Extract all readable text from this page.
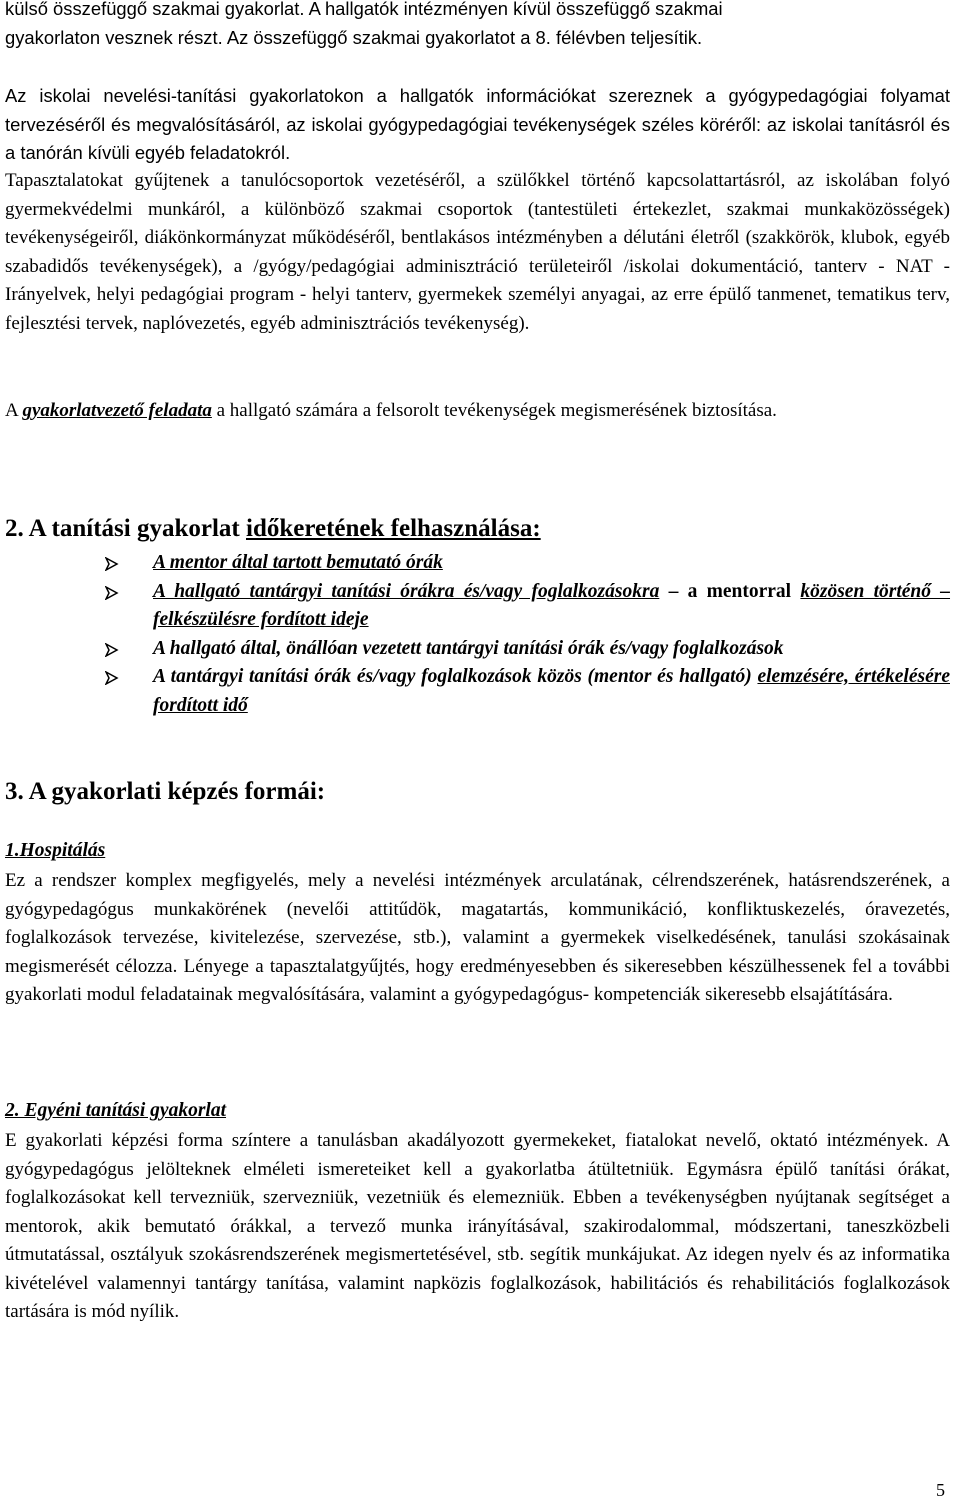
külső összefüggő szakmai gyakorlat. A hallgatók intézményen kívül összefüggő szakmai
gyakorlaton vesznek részt. Az összefüggő szakmai gyakorlatot a 8. félévben teljesítik.

Az iskolai nevelési-tanítási gyakorlatokon a hallgatók információkat szereznek a gyógypedagógiai folyamat tervezéséről és megvalósításáról, az iskolai gyógypedagógiai tevékenységek széles köréről: az iskolai tanításról és a tanórán kívüli egyéb feladatokról.

Tapasztalatokat gyűjtenek a tanulócsoportok vezetéséről, a szülőkkel történő kapcsolattartásról, az iskolában folyó gyermekvédelmi munkáról, a különböző szakmai csoportok (tantestületi értekezlet, szakmai munkaközösségek) tevékenységeiről, diákönkormányzat működéséről, bentlakásos intézményben a délutáni életről (szakkörök, klubok, egyéb szabadidős tevékenységek), a /gyógy/pedagógiai adminisztráció területeiről /iskolai dokumentáció, tanterv - NAT - Irányelvek, helyi pedagógiai program - helyi tanterv, gyermekek személyi anyagai, az erre épülő tanmenet, tematikus terv, fejlesztési tervek, naplóvezetés, egyéb adminisztrációs tevékenység).

A gyakorlatvezető feladata a hallgató számára a felsorolt tevékenységek megismerésének biztosítása.

2. A tanítási gyakorlat időkeretének felhasználása:
A mentor által tartott bemutató órák
A hallgató tantárgyi tanítási órákra és/vagy foglalkozásokra – a mentorral közösen történő – felkészülésre fordított ideje
A hallgató által, önállóan vezetett tantárgyi tanítási órák és/vagy foglalkozások
A tantárgyi tanítási órák és/vagy foglalkozások közös (mentor és hallgató) elemzésére, értékelésére fordított idő
3. A gyakorlati képzés formái:

1.Hospitálás

Ez a rendszer komplex megfigyelés, mely a nevelési intézmények arculatának, célrendszerének, hatásrendszerének, a gyógypedagógus munkakörének (nevelői attitűdök, magatartás, kommunikáció, konfliktuskezelés, óravezetés, foglalkozások tervezése, kivitelezése, szervezése, stb.), valamint a gyermekek viselkedésének, tanulási szokásainak megismerését célozza. Lényege a tapasztalatgyűjtés, hogy eredményesebben és sikeresebben készülhessenek fel a további gyakorlati modul feladatainak megvalósítására, valamint a gyógypedagógus- kompetenciák sikeresebb elsajátítására.

2. Egyéni tanítási gyakorlat

E gyakorlati képzési forma színtere a tanulásban akadályozott gyermekeket, fiatalokat nevelő, oktató intézmények. A gyógypedagógus jelölteknek elméleti ismereteiket kell a gyakorlatba átültetniük. Egymásra épülő tanítási órákat, foglalkozásokat kell tervezniük, szervezniük, vezetniük és elemezniük. Ebben a tevékenységben nyújtanak segítséget a mentorok, akik bemutató órákkal, a tervező munka irányításával, szakirodalommal, módszertani, taneszközbeli útmutatással, osztályuk szokásrendszerének megismertetésével, stb. segítik munkájukat. Az idegen nyelv és az informatika kivételével valamennyi tantárgy tanítása, valamint napközis foglalkozások, habilitációs és rehabilitációs foglalkozások tartására is mód nyílik.

5
